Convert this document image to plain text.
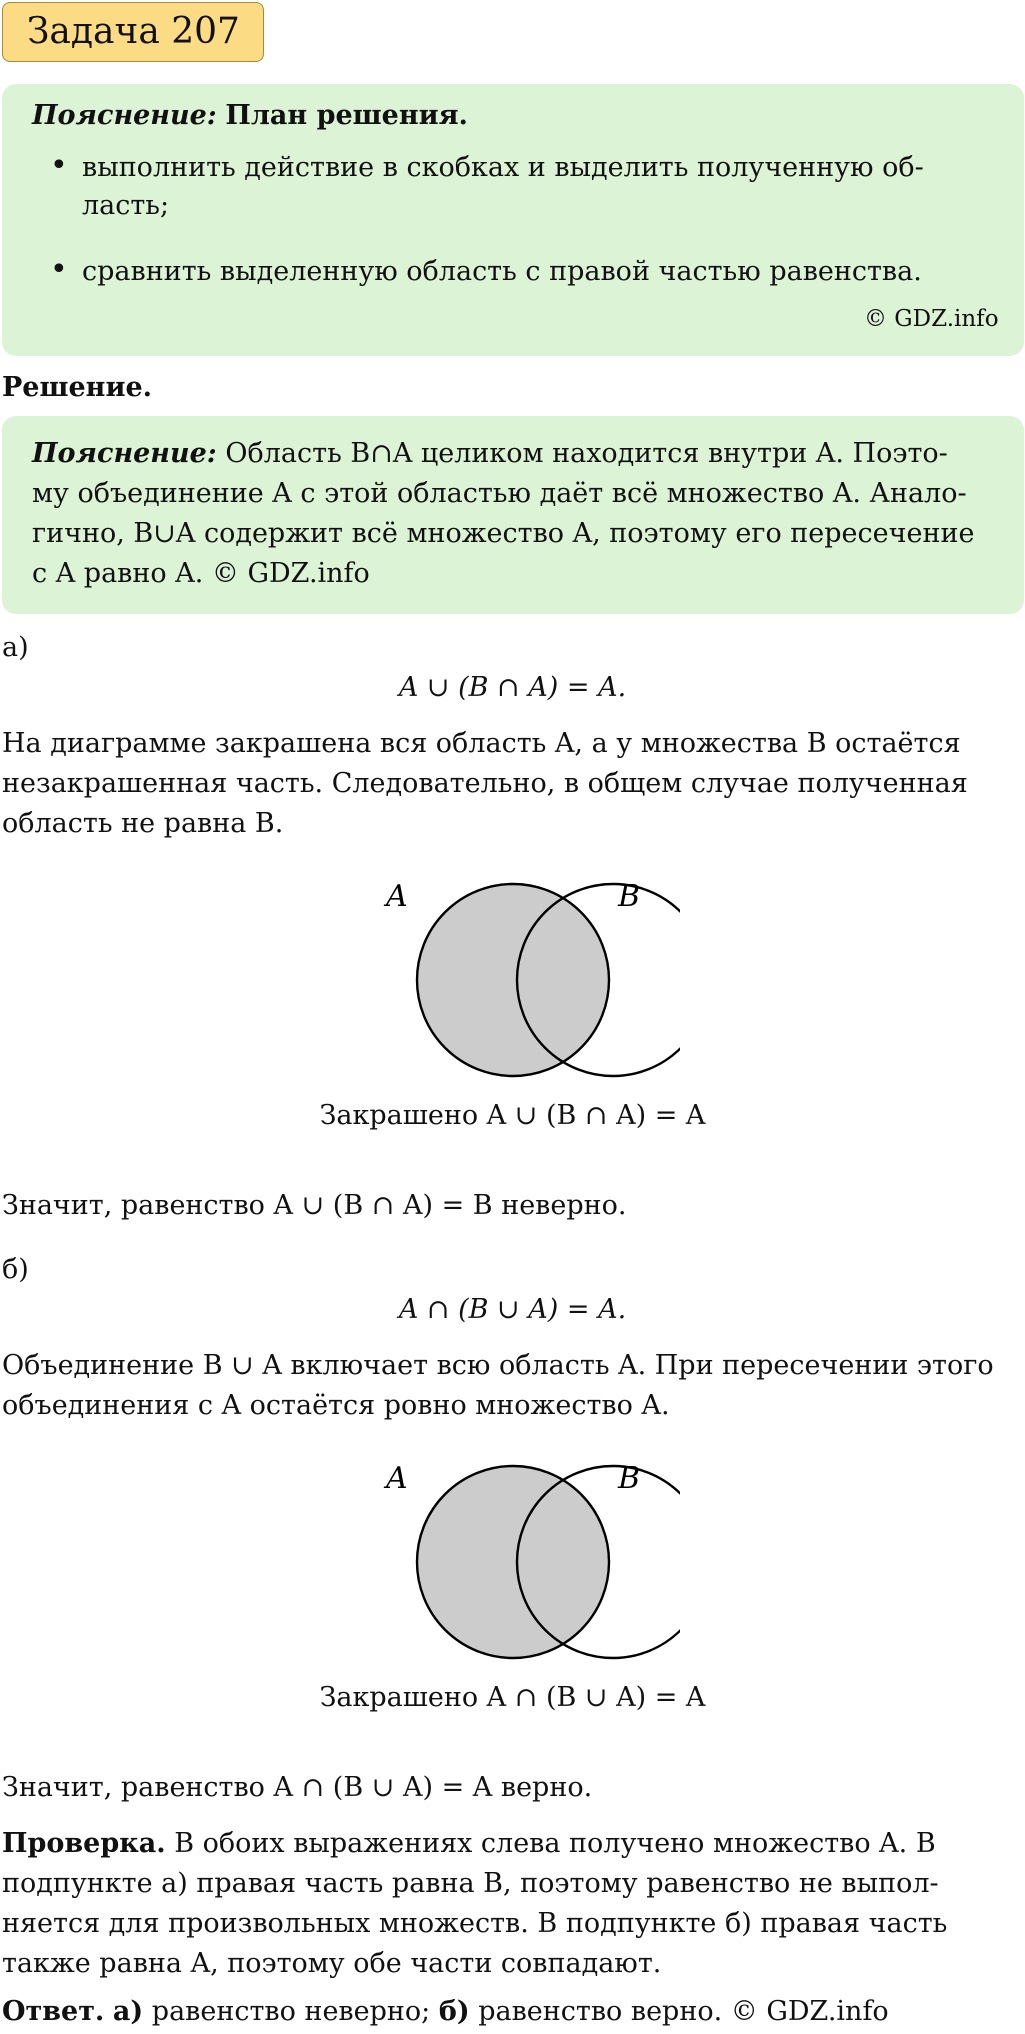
Задача 207
Пояснение: План решения.
• выполнить действие в скобках и выделить полученную об-
ласть;
• сравнить выделенную область с правой частью равенства.
© GDZ.info
Решение.
Пояснение: Область B∩A целиком находится внутри A. Поэто-
му объединение A с этой областью даёт всё множество A. Анало-
гично, B∪A содержит всё множество A, поэтому его пересечение
с A равно A. © GDZ.info
а)
A ∪ (B ∩ A) = A.
На диаграмме закрашена вся область A, а у множества B остаётся
незакрашенная часть. Следовательно, в общем случае полученная
область не равна B.
A	B
Закрашено A ∪ (B ∩ A) = A
Значит, равенство A ∪ (B ∩ A) = B неверно.
б)
A ∩ (B ∪ A) = A.
Объединение B ∪ A включает всю область A. При пересечении этого
объединения с A остаётся ровно множество A.
A	B
Закрашено A ∩ (B ∪ A) = A
Значит, равенство A ∩ (B ∪ A) = A верно.
Проверка. В обоих выражениях слева получено множество A. В
подпункте а) правая часть равна B, поэтому равенство не выпол-
няется для произвольных множеств. В подпункте б) правая часть
также равна A, поэтому обе части совпадают.
Ответ. а) равенство неверно; б) равенство верно. © GDZ.info
